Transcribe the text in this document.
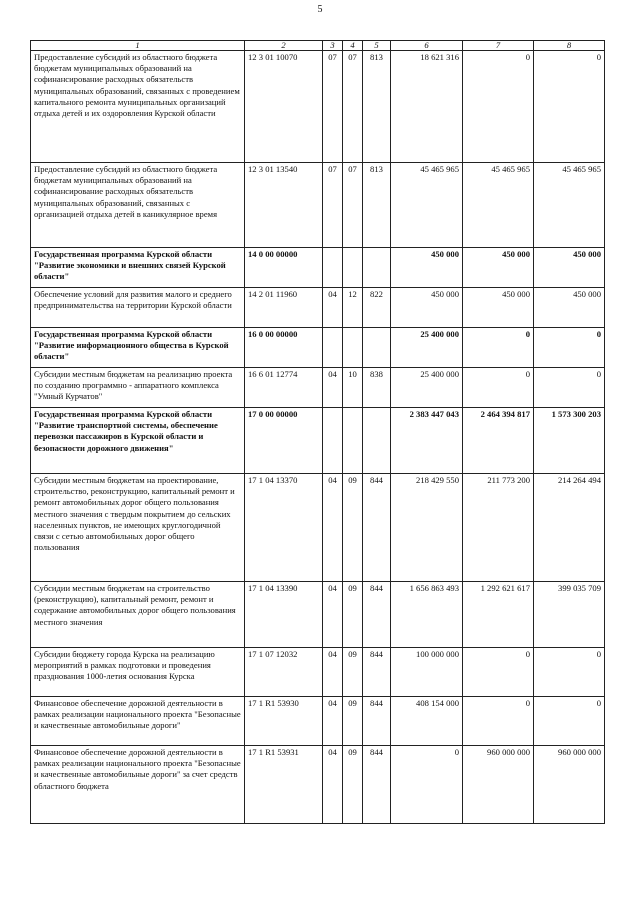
5
1	2	3	4	5	6	7	8
Предоставление субсидий из областного бюджета бюджетам муниципальных образований на софинансирование расходных обязательств муниципальных образований, связанных с проведением капитального ремонта муниципальных организаций отдыха детей и их оздоровления Курской области	12 3 01 10070	07	07	813	18 621 316	0	0
Предоставление субсидий из областного бюджета бюджетам муниципальных образований на софинансирование расходных обязательств муниципальных образований, связанных с организацией отдыха детей в каникулярное время	12 3 01 13540	07	07	813	45 465 965	45 465 965	45 465 965
Государственная программа Курской области "Развитие экономики и внешних связей Курской области"	14 0 00 00000				450 000	450 000	450 000
Обеспечение условий для развития малого и среднего предпринимательства на территории Курской области	14 2 01 11960	04	12	822	450 000	450 000	450 000
Государственная программа Курской области "Развитие информационного общества в Курской области"	16 0 00 00000				25 400 000	0	0
Субсидии местным бюджетам на реализацию проекта по созданию программно - аппаратного комплекса "Умный Курчатов"	16 6 01 12774	04	10	838	25 400 000	0	0
Государственная программа Курской области "Развитие транспортной системы, обеспечение перевозки пассажиров в Курской области и безопасности дорожного движения"	17 0 00 00000				2 383 447 043	2 464 394 817	1 573 300 203
Субсидии местным бюджетам на проектирование, строительство, реконструкцию, капитальный ремонт и ремонт автомобильных дорог общего пользования местного значения с твердым покрытием до сельских населенных пунктов, не имеющих круглогодичной связи с сетью автомобильных дорог общего пользования	17 1 04 13370	04	09	844	218 429 550	211 773 200	214 264 494
Субсидии местным бюджетам на строительство (реконструкцию), капитальный ремонт, ремонт и содержание автомобильных дорог общего пользования местного значения	17 1 04 13390	04	09	844	1 656 863 493	1 292 621 617	399 035 709
Субсидии бюджету города Курска на реализацию мероприятий в рамках подготовки и проведения празднования 1000-летия основания Курска	17 1 07 12032	04	09	844	100 000 000	0	0
Финансовое обеспечение дорожной деятельности в рамках реализации национального проекта "Безопасные и качественные автомобильные дороги"	17 1 R1 53930	04	09	844	408 154 000	0	0
Финансовое обеспечение дорожной деятельности в рамках реализации национального проекта "Безопасные и качественные автомобильные дороги" за счет средств областного бюджета	17 1 R1 53931	04	09	844	0	960 000 000	960 000 000
